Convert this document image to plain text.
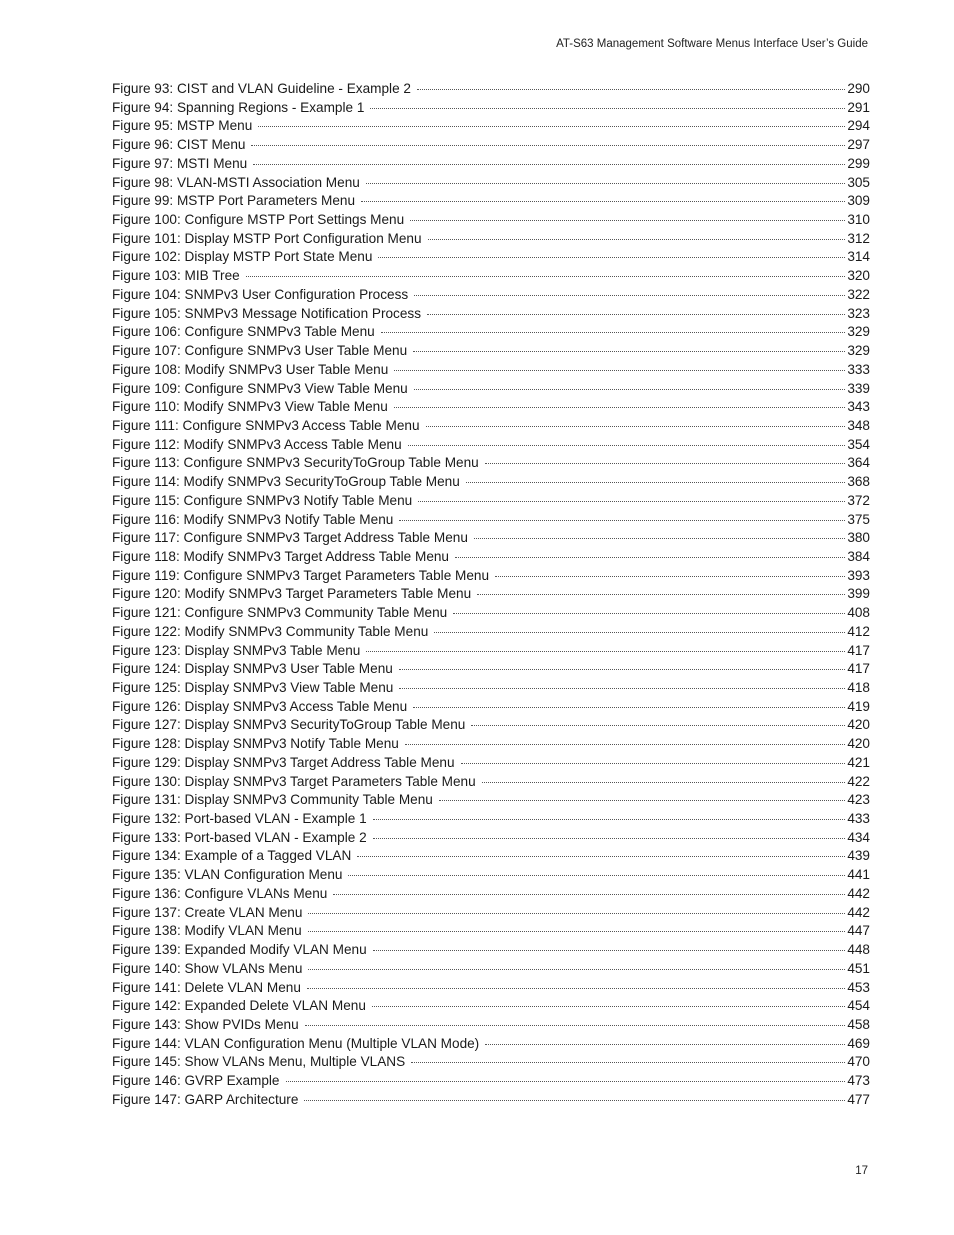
AT-S63 Management Software Menus Interface User’s Guide
Figure 93: CIST and VLAN Guideline - Example 2	290
Figure 94: Spanning Regions - Example 1	291
Figure 95: MSTP Menu	294
Figure 96: CIST Menu	297
Figure 97: MSTI Menu	299
Figure 98: VLAN-MSTI Association Menu	305
Figure 99: MSTP Port Parameters Menu	309
Figure 100: Configure MSTP Port Settings Menu	310
Figure 101: Display MSTP Port Configuration Menu	312
Figure 102: Display MSTP Port State Menu	314
Figure 103: MIB Tree	320
Figure 104: SNMPv3 User Configuration Process	322
Figure 105: SNMPv3 Message Notification Process	323
Figure 106: Configure SNMPv3 Table Menu	329
Figure 107: Configure SNMPv3 User Table Menu	329
Figure 108: Modify SNMPv3 User Table Menu	333
Figure 109: Configure SNMPv3 View Table Menu	339
Figure 110: Modify SNMPv3 View Table Menu	343
Figure 111: Configure SNMPv3 Access Table Menu	348
Figure 112: Modify SNMPv3 Access Table Menu	354
Figure 113: Configure SNMPv3 SecurityToGroup Table Menu	364
Figure 114: Modify SNMPv3 SecurityToGroup Table Menu	368
Figure 115: Configure SNMPv3 Notify Table Menu	372
Figure 116: Modify SNMPv3 Notify Table Menu	375
Figure 117: Configure SNMPv3 Target Address Table Menu	380
Figure 118: Modify SNMPv3 Target Address Table Menu	384
Figure 119: Configure SNMPv3 Target Parameters Table Menu	393
Figure 120: Modify SNMPv3 Target Parameters Table Menu	399
Figure 121: Configure SNMPv3 Community Table Menu	408
Figure 122: Modify SNMPv3 Community Table Menu	412
Figure 123: Display SNMPv3 Table Menu	417
Figure 124: Display SNMPv3 User Table Menu	417
Figure 125: Display SNMPv3 View Table Menu	418
Figure 126: Display SNMPv3 Access Table Menu	419
Figure 127: Display SNMPv3 SecurityToGroup Table Menu	420
Figure 128: Display SNMPv3 Notify Table Menu	420
Figure 129: Display SNMPv3 Target Address Table Menu	421
Figure 130: Display SNMPv3 Target Parameters Table Menu	422
Figure 131: Display SNMPv3 Community Table Menu	423
Figure 132: Port-based VLAN - Example 1	433
Figure 133: Port-based VLAN - Example 2	434
Figure 134: Example of a Tagged VLAN	439
Figure 135: VLAN Configuration Menu	441
Figure 136: Configure VLANs Menu	442
Figure 137: Create VLAN Menu	442
Figure 138: Modify VLAN Menu	447
Figure 139: Expanded Modify VLAN Menu	448
Figure 140: Show VLANs Menu	451
Figure 141: Delete VLAN Menu	453
Figure 142: Expanded Delete VLAN Menu	454
Figure 143: Show PVIDs Menu	458
Figure 144: VLAN Configuration Menu (Multiple VLAN Mode)	469
Figure 145: Show VLANs Menu, Multiple VLANS	470
Figure 146: GVRP Example	473
Figure 147: GARP Architecture	477
17
